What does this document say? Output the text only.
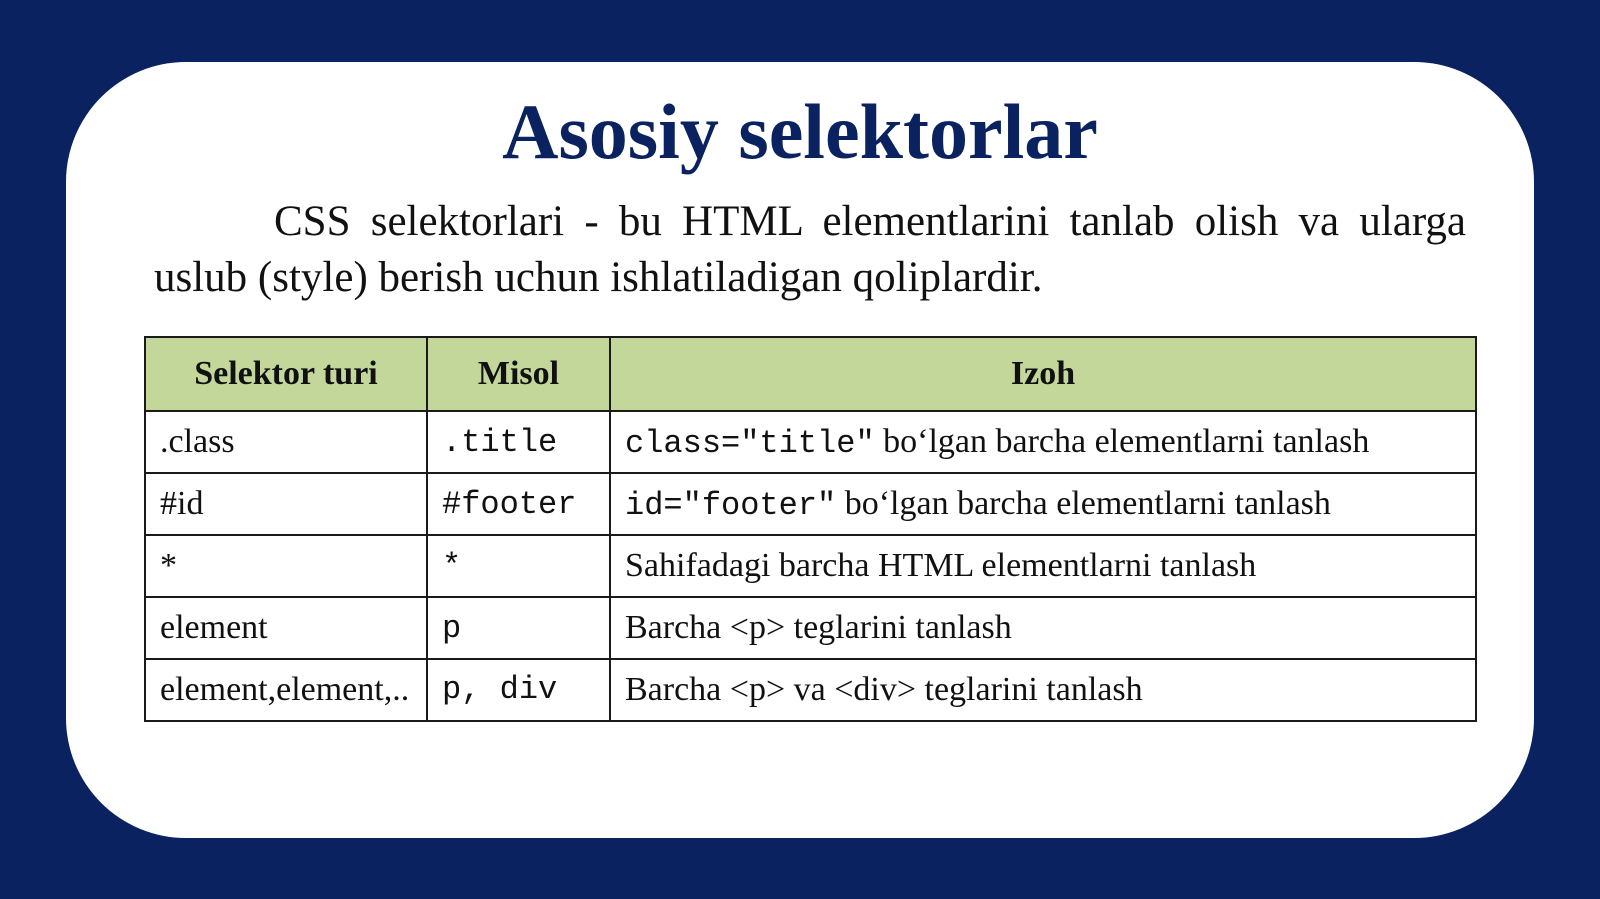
Asosiy selektorlar

CSS selektorlari - bu HTML elementlarini tanlab olish va ularga uslub (style) berish uchun ishlatiladigan qoliplardir.

Selektor turi	Misol	Izoh
.class	.title	class="title" bo‘lgan barcha elementlarni tanlash
#id	#footer	id="footer" bo‘lgan barcha elementlarni tanlash
*	*	Sahifadagi barcha HTML elementlarni tanlash
element	p	Barcha <p> teglarini tanlash
element,element,..	p, div	Barcha <p> va <div> teglarini tanlash
